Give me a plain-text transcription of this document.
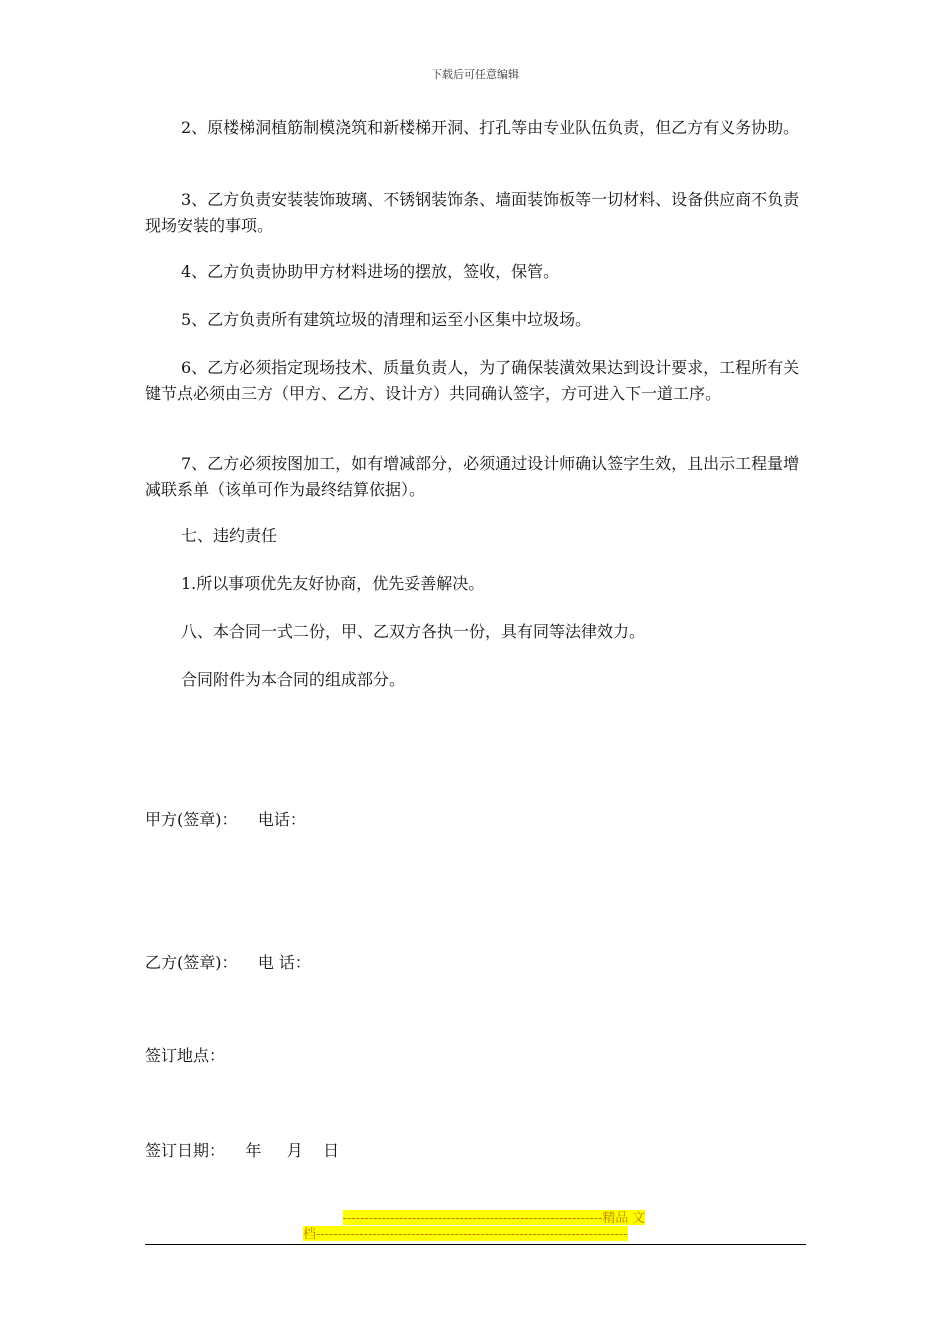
下载后可任意编辑

2、原楼梯洞植筋制模浇筑和新楼梯开洞、打孔等由专业队伍负责，但乙方有义务协助。

3、乙方负责安装装饰玻璃、不锈钢装饰条、墙面装饰板等一切材料、设备供应商不负责现场安装的事项。

4、乙方负责协助甲方材料进场的摆放，签收，保管。

5、乙方负责所有建筑垃圾的清理和运至小区集中垃圾场。

6、乙方必须指定现场技术、质量负责人，为了确保装潢效果达到设计要求，工程所有关键节点必须由三方（甲方、乙方、设计方）共同确认签字，方可进入下一道工序。

7、乙方必须按图加工，如有增减部分，必须通过设计师确认签字生效，且出示工程量增减联系单（该单可作为最终结算依据）。

七、违约责任

1.所以事项优先友好协商，优先妥善解决。

八、本合同一式二份，甲、乙双方各执一份，具有同等法律效力。

合同附件为本合同的组成部分。

甲方(签章)：    电话：
乙方(签章)：    电 话：
签订地点：
签订日期：    年     月    日
------------------------------------------------------------精品 文
档------------------------------------------------------------------------
